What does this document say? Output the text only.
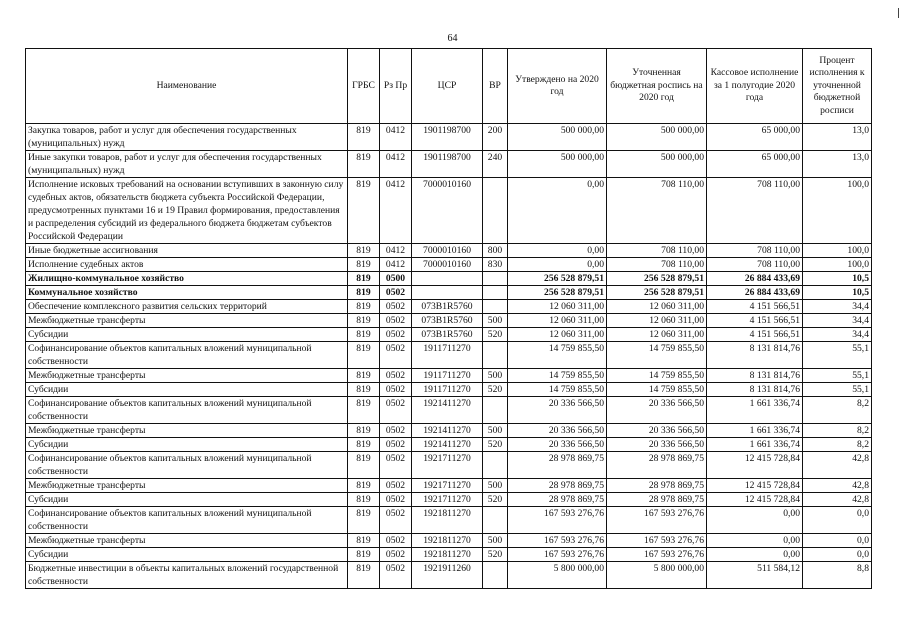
64
Наименование	ГРБС	Рз Пр	ЦСР	ВР	Утверждено на 2020 год	Уточненная бюджетная роспись на 2020 год	Кассовое исполнение за 1 полугодие 2020 года	Процент исполнения к уточненной бюджетной росписи
Закупка товаров, работ и услуг для обеспечения государственных (муниципальных) нужд	819	0412	1901198700	200	500 000,00	500 000,00	65 000,00	13,0
Иные закупки товаров, работ и услуг для обеспечения государственных (муниципальных) нужд	819	0412	1901198700	240	500 000,00	500 000,00	65 000,00	13,0
Исполнение исковых требований на основании вступивших в законную силу судебных актов, обязательств бюджета субъекта Российской Федерации, предусмотренных пунктами 16 и 19 Правил формирования, предоставления и распределения субсидий из федерального бюджета бюджетам субъектов Российской Федерации	819	0412	7000010160		0,00	708 110,00	708 110,00	100,0
Иные бюджетные ассигнования	819	0412	7000010160	800	0,00	708 110,00	708 110,00	100,0
Исполнение судебных актов	819	0412	7000010160	830	0,00	708 110,00	708 110,00	100,0
Жилищно-коммунальное хозяйство	819	0500			256 528 879,51	256 528 879,51	26 884 433,69	10,5
Коммунальное хозяйство	819	0502			256 528 879,51	256 528 879,51	26 884 433,69	10,5
Обеспечение комплексного развития сельских территорий	819	0502	073B1R5760		12 060 311,00	12 060 311,00	4 151 566,51	34,4
Межбюджетные трансферты	819	0502	073B1R5760	500	12 060 311,00	12 060 311,00	4 151 566,51	34,4
Субсидии	819	0502	073B1R5760	520	12 060 311,00	12 060 311,00	4 151 566,51	34,4
Софинансирование объектов капитальных вложений муниципальной собственности	819	0502	1911711270		14 759 855,50	14 759 855,50	8 131 814,76	55,1
Межбюджетные трансферты	819	0502	1911711270	500	14 759 855,50	14 759 855,50	8 131 814,76	55,1
Субсидии	819	0502	1911711270	520	14 759 855,50	14 759 855,50	8 131 814,76	55,1
Софинансирование объектов капитальных вложений муниципальной собственности	819	0502	1921411270		20 336 566,50	20 336 566,50	1 661 336,74	8,2
Межбюджетные трансферты	819	0502	1921411270	500	20 336 566,50	20 336 566,50	1 661 336,74	8,2
Субсидии	819	0502	1921411270	520	20 336 566,50	20 336 566,50	1 661 336,74	8,2
Софинансирование объектов капитальных вложений муниципальной собственности	819	0502	1921711270		28 978 869,75	28 978 869,75	12 415 728,84	42,8
Межбюджетные трансферты	819	0502	1921711270	500	28 978 869,75	28 978 869,75	12 415 728,84	42,8
Субсидии	819	0502	1921711270	520	28 978 869,75	28 978 869,75	12 415 728,84	42,8
Софинансирование объектов капитальных вложений муниципальной собственности	819	0502	1921811270		167 593 276,76	167 593 276,76	0,00	0,0
Межбюджетные трансферты	819	0502	1921811270	500	167 593 276,76	167 593 276,76	0,00	0,0
Субсидии	819	0502	1921811270	520	167 593 276,76	167 593 276,76	0,00	0,0
Бюджетные инвестиции в объекты капитальных вложений государственной собственности	819	0502	1921911260		5 800 000,00	5 800 000,00	511 584,12	8,8
